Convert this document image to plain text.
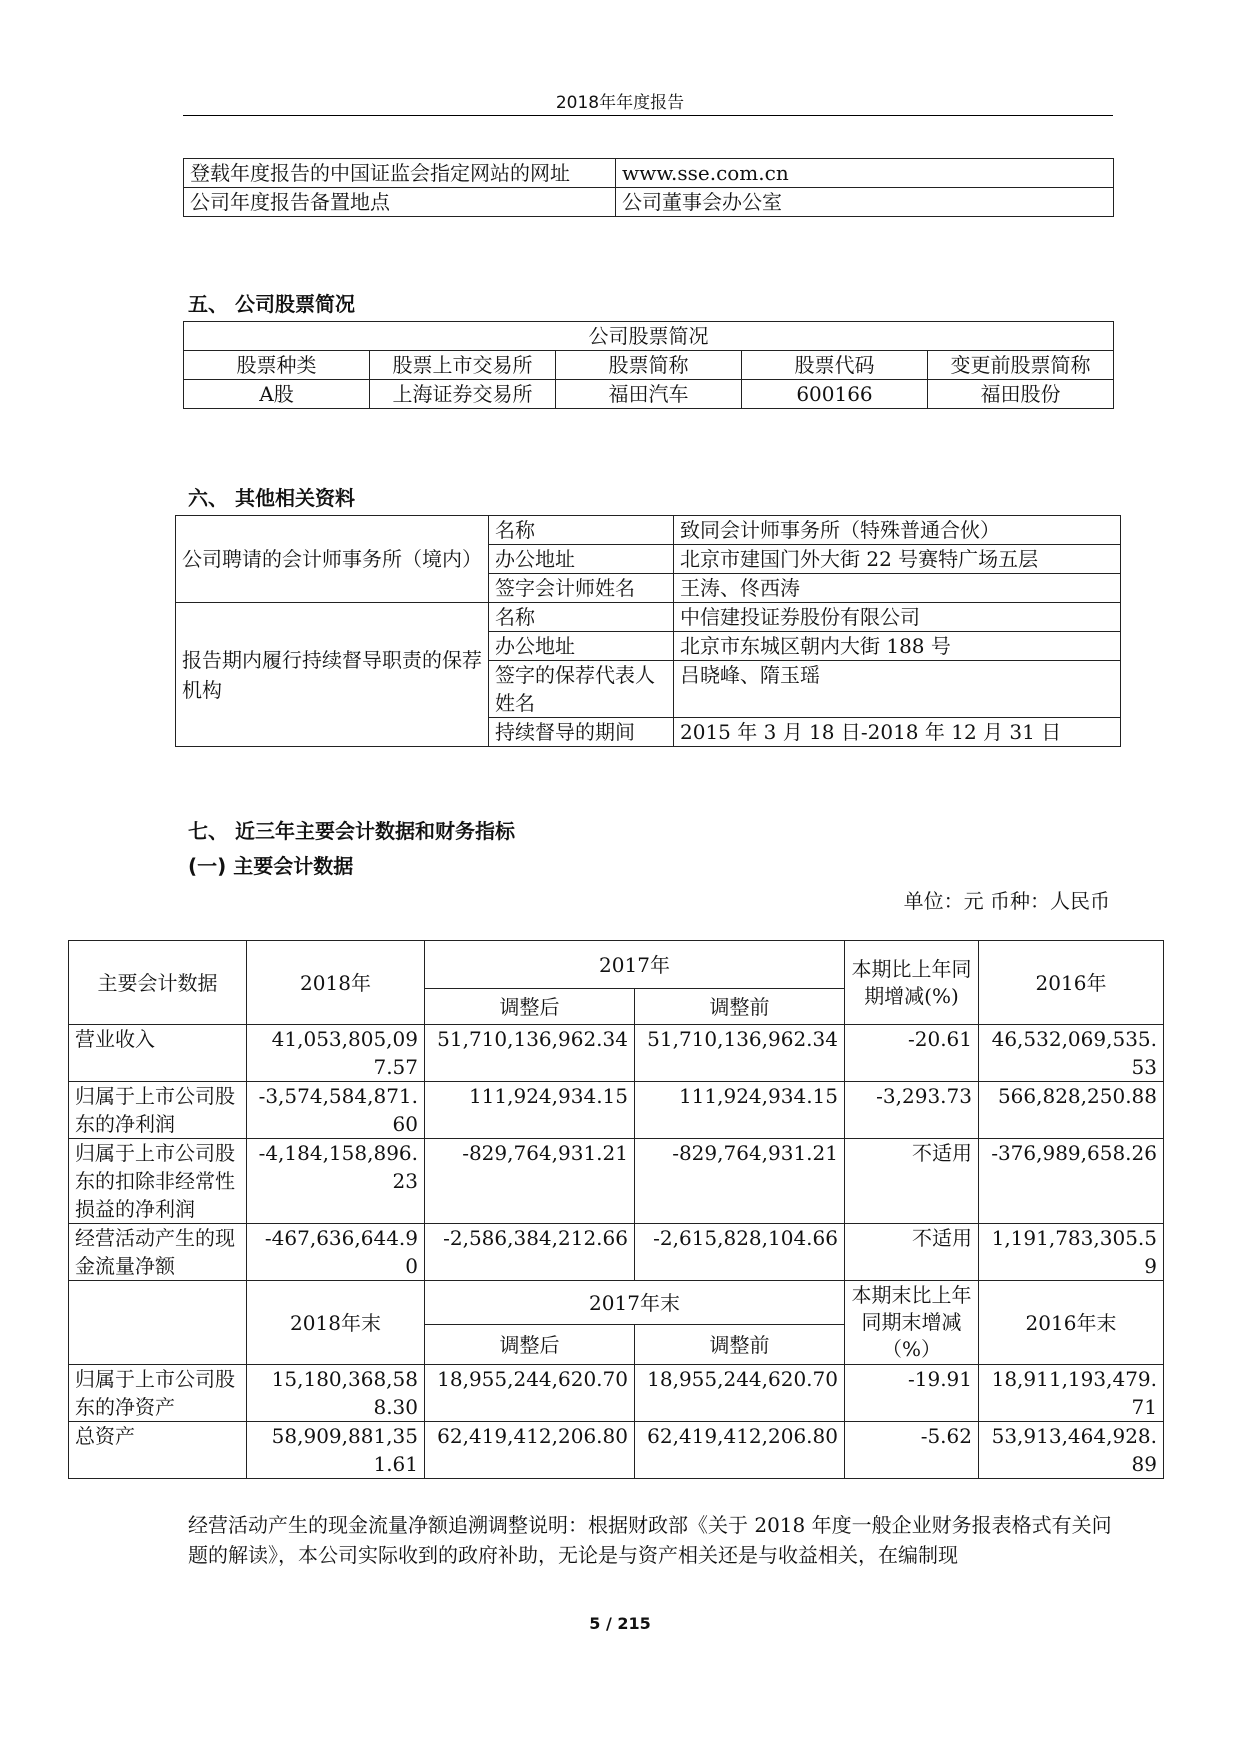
2018年年度报告
登载年度报告的中国证监会指定网站的网址	www.sse.com.cn
公司年度报告备置地点	公司董事会办公室
五、 公司股票简况
公司股票简况				
股票种类	股票上市交易所	股票简称	股票代码	变更前股票简称
A股	上海证券交易所	福田汽车	600166	福田股份
六、 其他相关资料
公司聘请的会计师事务所（境内）	名称	致同会计师事务所（特殊普通合伙）
	办公地址	北京市建国门外大街 22 号赛特广场五层
	签字会计师姓名	王涛、佟西涛
报告期内履行持续督导职责的保荐机构	名称	中信建投证券股份有限公司
	办公地址	北京市东城区朝内大街 188 号
	签字的保荐代表人姓名	吕晓峰、隋玉瑶
	持续督导的期间	2015 年 3 月 18 日-2018 年 12 月 31 日
七、 近三年主要会计数据和财务指标
(一) 主要会计数据
单位：元 币种：人民币
主要会计数据	2018年	2017年		本期比上年同期增减(%)	2016年
		调整后	调整前		
营业收入	41,053,805,097.57	51,710,136,962.34	51,710,136,962.34	-20.61	46,532,069,535.53
归属于上市公司股东的净利润	-3,574,584,871.60	111,924,934.15	111,924,934.15	-3,293.73	566,828,250.88
归属于上市公司股东的扣除非经常性损益的净利润	-4,184,158,896.23	-829,764,931.21	-829,764,931.21	不适用	-376,989,658.26
经营活动产生的现金流量净额	-467,636,644.90	-2,586,384,212.66	-2,615,828,104.66	不适用	1,191,783,305.59
	2018年末	2017年末		本期末比上年同期末增减（%）	2016年末
		调整后	调整前		
归属于上市公司股东的净资产	15,180,368,588.30	18,955,244,620.70	18,955,244,620.70	-19.91	18,911,193,479.71
总资产	58,909,881,351.61	62,419,412,206.80	62,419,412,206.80	-5.62	53,913,464,928.89
经营活动产生的现金流量净额追溯调整说明：根据财政部《关于 2018 年度一般企业财务报表格式有关问题的解读》，本公司实际收到的政府补助，无论是与资产相关还是与收益相关，在编制现
5 / 215
